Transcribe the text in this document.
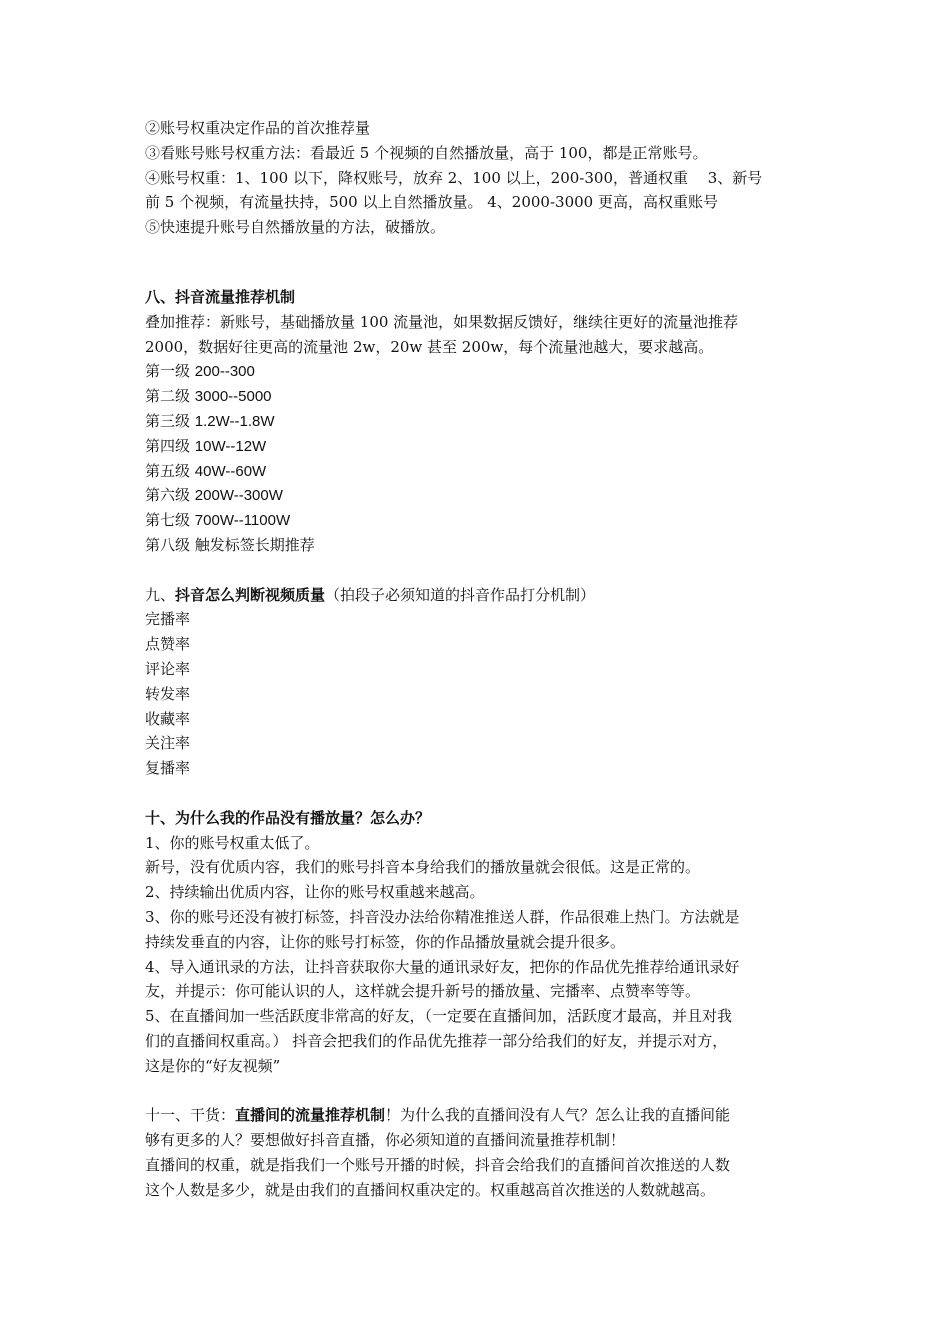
②账号权重决定作品的首次推荐量
③看账号账号权重方法：看最近 5 个视频的自然播放量，高于 100，都是正常账号。
④账号权重：1、100 以下，降权账号，放弃 2、100 以上，200-300，普通权重　 3、新号
前 5 个视频，有流量扶持，500 以上自然播放量。 4、2000-3000 更高，高权重账号
⑤快速提升账号自然播放量的方法，破播放。
八、抖音流量推荐机制
叠加推荐：新账号，基础播放量 100 流量池，如果数据反馈好，继续往更好的流量池推荐
2000，数据好往更高的流量池 2w，20w 甚至 200w，每个流量池越大，要求越高。
第一级 200--300
第二级 3000--5000
第三级 1.2W--1.8W
第四级 10W--12W
第五级 40W--60W
第六级 200W--300W
第七级 700W--1100W
第八级 触发标签长期推荐
九、抖音怎么判断视频质量（拍段子必须知道的抖音作品打分机制）
完播率
点赞率
评论率
转发率
收藏率
关注率
复播率
十、为什么我的作品没有播放量？怎么办？
1、你的账号权重太低了。
新号，没有优质内容，我们的账号抖音本身给我们的播放量就会很低。这是正常的。
2、持续输出优质内容，让你的账号权重越来越高。
3、你的账号还没有被打标签，抖音没办法给你精准推送人群，作品很难上热门。方法就是
持续发垂直的内容，让你的账号打标签，你的作品播放量就会提升很多。
4、导入通讯录的方法，让抖音获取你大量的通讯录好友，把你的作品优先推荐给通讯录好
友，并提示：你可能认识的人，这样就会提升新号的播放量、完播率、点赞率等等。
5、在直播间加一些活跃度非常高的好友，（一定要在直播间加，活跃度才最高，并且对我
们的直播间权重高。） 抖音会把我们的作品优先推荐一部分给我们的好友，并提示对方，
这是你的“好友视频”
十一、干货：直播间的流量推荐机制！为什么我的直播间没有人气？怎么让我的直播间能
够有更多的人？要想做好抖音直播，你必须知道的直播间流量推荐机制！
直播间的权重，就是指我们一个账号开播的时候，抖音会给我们的直播间首次推送的人数
这个人数是多少，就是由我们的直播间权重决定的。权重越高首次推送的人数就越高。
